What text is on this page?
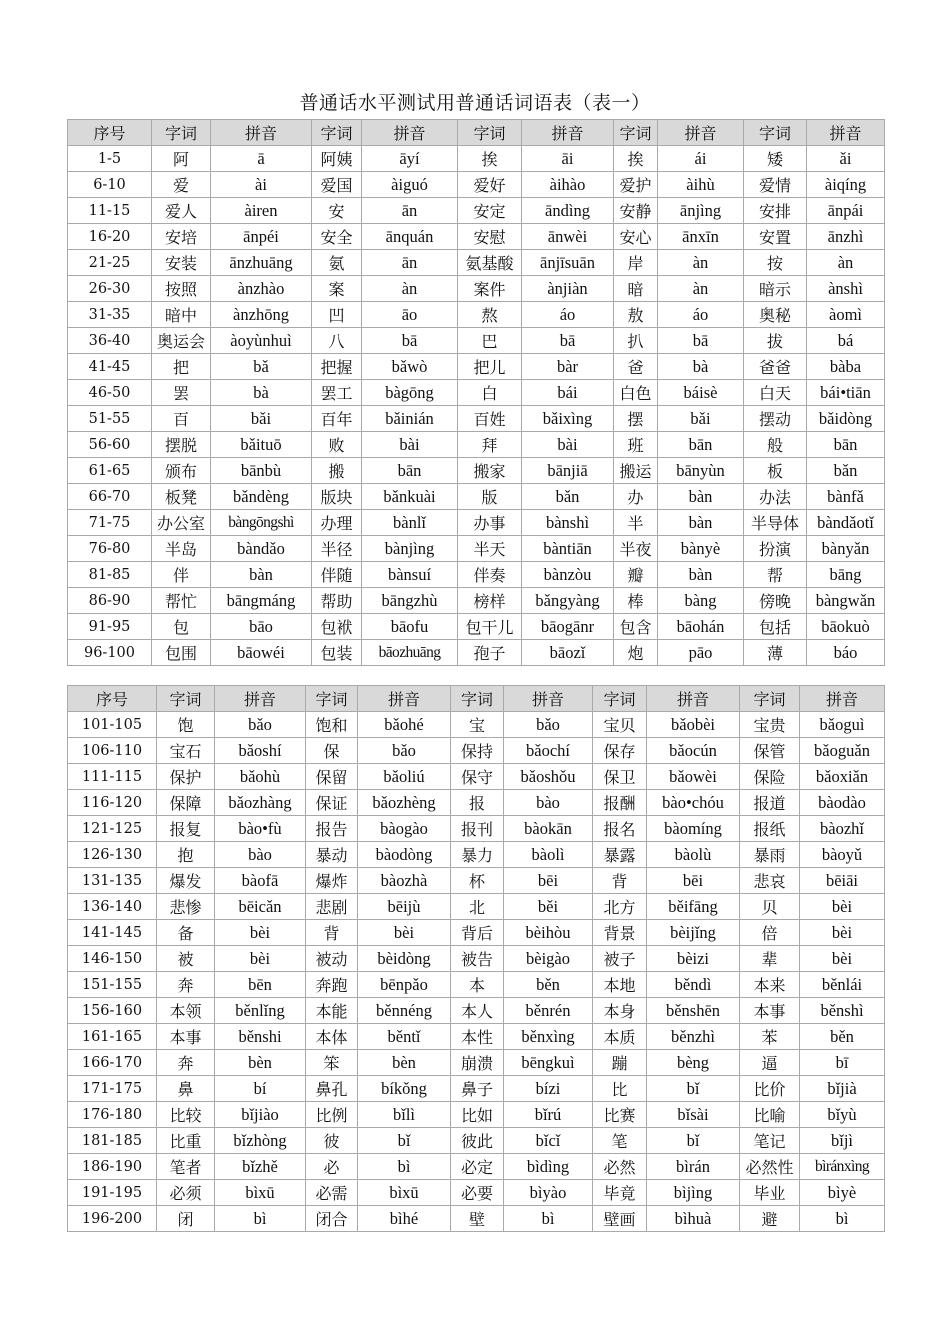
普通话水平测试用普通话词语表（表一）
序号	字词	拼音	字词	拼音	字词	拼音	字词	拼音	字词	拼音
1-5	阿	ā	阿姨	āyí	挨	āi	挨	ái	矮	ǎi
6-10	爱	ài	爱国	àiguó	爱好	àihào	爱护	àihù	爱情	àiqíng
11-15	爱人	àiren	安	ān	安定	āndìng	安静	ānjìng	安排	ānpái
16-20	安培	ānpéi	安全	ānquán	安慰	ānwèi	安心	ānxīn	安置	ānzhì
21-25	安装	ānzhuāng	氨	ān	氨基酸	ānjīsuān	岸	àn	按	àn
26-30	按照	ànzhào	案	àn	案件	ànjiàn	暗	àn	暗示	ànshì
31-35	暗中	ànzhōng	凹	āo	熬	áo	敖	áo	奥秘	àomì
36-40	奥运会	àoyùnhuì	八	bā	巴	bā	扒	bā	拔	bá
41-45	把	bǎ	把握	bǎwò	把儿	bàr	爸	bà	爸爸	bàba
46-50	罢	bà	罢工	bàgōng	白	bái	白色	báisè	白天	bái•tiān
51-55	百	bǎi	百年	bǎinián	百姓	bǎixìng	摆	bǎi	摆动	bǎidòng
56-60	摆脱	bǎituō	败	bài	拜	bài	班	bān	般	bān
61-65	颁布	bānbù	搬	bān	搬家	bānjiā	搬运	bānyùn	板	bǎn
66-70	板凳	bǎndèng	版块	bǎnkuài	版	bǎn	办	bàn	办法	bànfǎ
71-75	办公室	bàngōngshì	办理	bànlǐ	办事	bànshì	半	bàn	半导体	bàndǎotǐ
76-80	半岛	bàndǎo	半径	bànjìng	半天	bàntiān	半夜	bànyè	扮演	bànyǎn
81-85	伴	bàn	伴随	bànsuí	伴奏	bànzòu	瓣	bàn	帮	bāng
86-90	帮忙	bāngmáng	帮助	bāngzhù	榜样	bǎngyàng	棒	bàng	傍晚	bàngwǎn
91-95	包	bāo	包袱	bāofu	包干儿	bāogānr	包含	bāohán	包括	bāokuò
96-100	包围	bāowéi	包装	bāozhuāng	孢子	bāozǐ	炮	pāo	薄	báo
序号	字词	拼音	字词	拼音	字词	拼音	字词	拼音	字词	拼音
101-105	饱	bǎo	饱和	bǎohé	宝	bǎo	宝贝	bǎobèi	宝贵	bǎoguì
106-110	宝石	bǎoshí	保	bǎo	保持	bǎochí	保存	bǎocún	保管	bǎoguǎn
111-115	保护	bǎohù	保留	bǎoliú	保守	bǎoshǒu	保卫	bǎowèi	保险	bǎoxiǎn
116-120	保障	bǎozhàng	保证	bǎozhèng	报	bào	报酬	bào•chóu	报道	bàodào
121-125	报复	bào•fù	报告	bàogào	报刊	bàokān	报名	bàomíng	报纸	bàozhǐ
126-130	抱	bào	暴动	bàodòng	暴力	bàolì	暴露	bàolù	暴雨	bàoyǔ
131-135	爆发	bàofā	爆炸	bàozhà	杯	bēi	背	bēi	悲哀	bēiāi
136-140	悲惨	bēicǎn	悲剧	bēijù	北	běi	北方	běifāng	贝	bèi
141-145	备	bèi	背	bèi	背后	bèihòu	背景	bèijǐng	倍	bèi
146-150	被	bèi	被动	bèidòng	被告	bèigào	被子	bèizi	辈	bèi
151-155	奔	bēn	奔跑	bēnpǎo	本	běn	本地	běndì	本来	běnlái
156-160	本领	běnlǐng	本能	běnnéng	本人	běnrén	本身	běnshēn	本事	běnshì
161-165	本事	běnshi	本体	běntǐ	本性	běnxìng	本质	běnzhì	苯	běn
166-170	奔	bèn	笨	bèn	崩溃	bēngkuì	蹦	bèng	逼	bī
171-175	鼻	bí	鼻孔	bíkǒng	鼻子	bízi	比	bǐ	比价	bǐjià
176-180	比较	bǐjiào	比例	bǐlì	比如	bǐrú	比赛	bǐsài	比喻	bǐyù
181-185	比重	bǐzhòng	彼	bǐ	彼此	bǐcǐ	笔	bǐ	笔记	bǐjì
186-190	笔者	bǐzhě	必	bì	必定	bìdìng	必然	bìrán	必然性	bìránxìng
191-195	必须	bìxū	必需	bìxū	必要	bìyào	毕竟	bìjìng	毕业	bìyè
196-200	闭	bì	闭合	bìhé	壁	bì	壁画	bìhuà	避	bì
